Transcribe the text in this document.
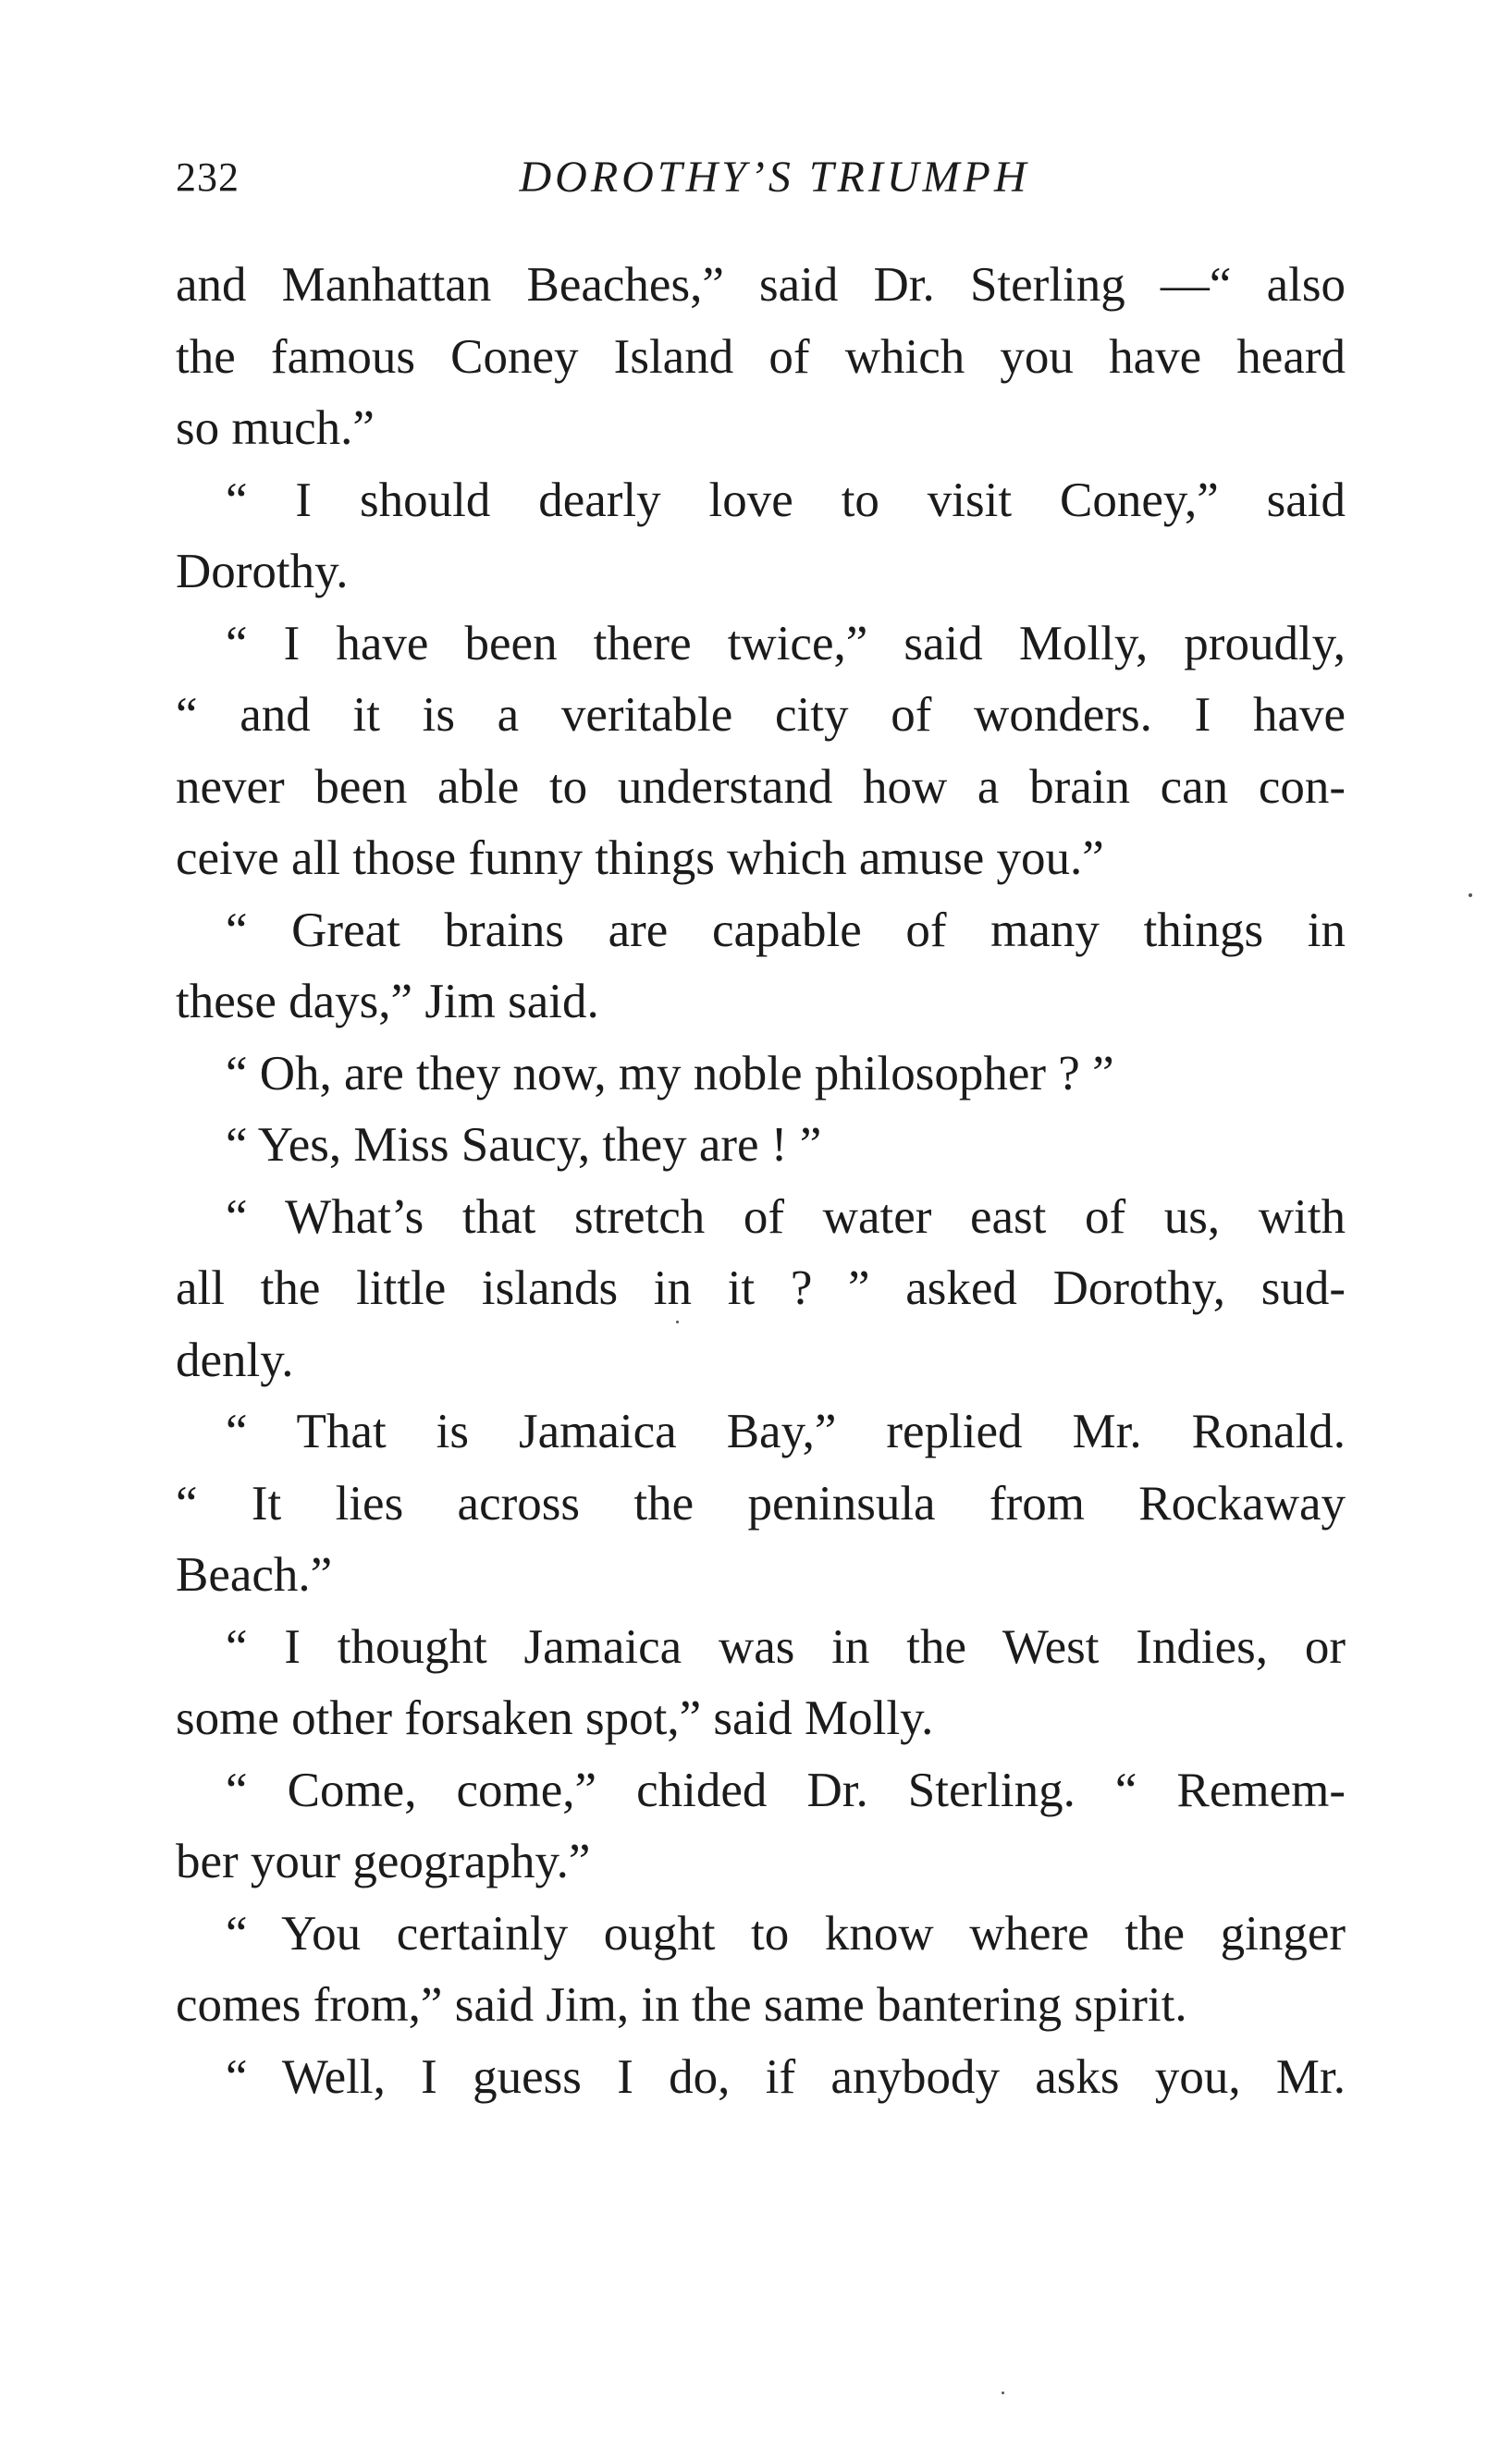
232	DOROTHY’S TRIUMPH

and Manhattan Beaches,” said Dr. Sterling —“ also
the famous Coney Island of which you have heard
so much.”

“ I should dearly love to visit Coney,” said
Dorothy.

“ I have been there twice,” said Molly, proudly,
“ and it is a veritable city of wonders. I have
never been able to understand how a brain can con-
ceive all those funny things which amuse you.”

“ Great brains are capable of many things in
these days,” Jim said.

“ Oh, are they now, my noble philosopher ? ”

“ Yes, Miss Saucy, they are ! ”

“ What’s that stretch of water east of us, with
all the little islands in it ? ” asked Dorothy, sud-
denly.

“ That is Jamaica Bay,” replied Mr. Ronald.
“ It lies across the peninsula from Rockaway
Beach.”

“ I thought Jamaica was in the West Indies, or
some other forsaken spot,” said Molly.

“ Come, come,” chided Dr. Sterling. “ Remem-
ber your geography.”

“ You certainly ought to know where the ginger
comes from,” said Jim, in the same bantering spirit.

“ Well, I guess I do, if anybody asks you, Mr.
